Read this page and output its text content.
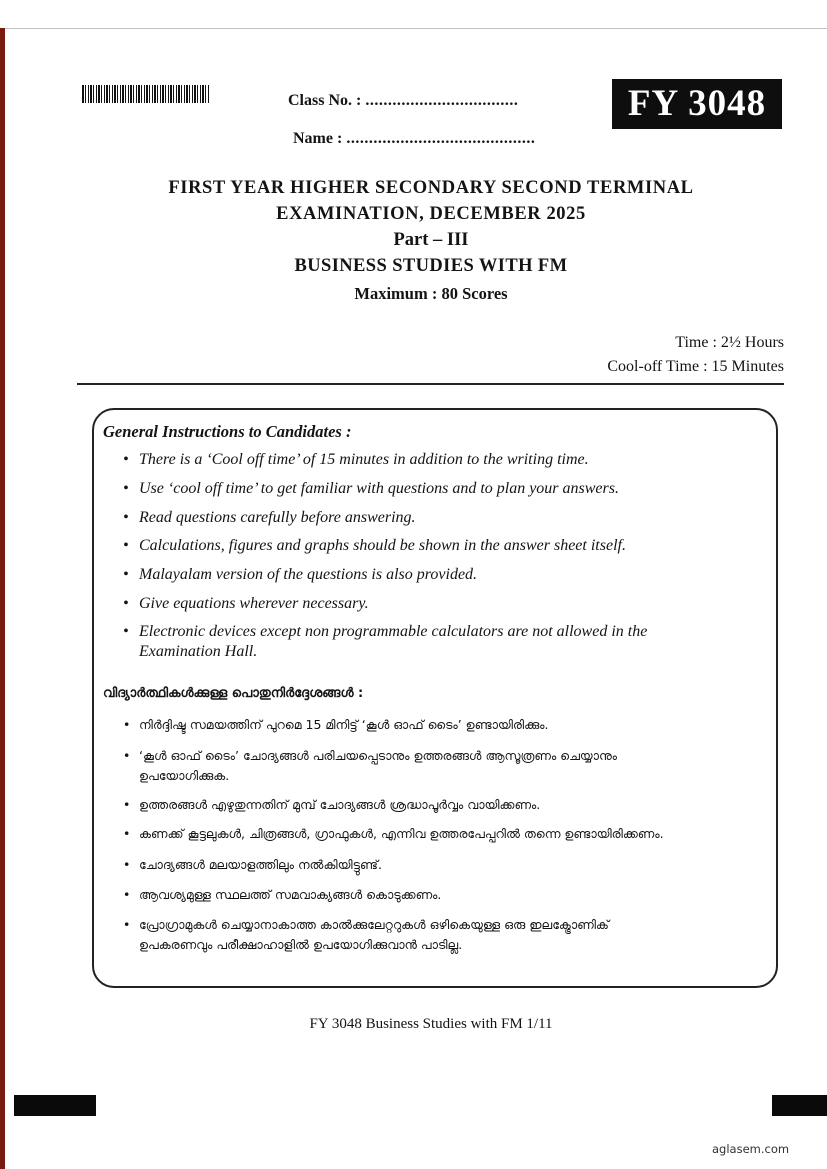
Class No. : ..................................
Name : ..........................................
FY 3048
FIRST YEAR HIGHER SECONDARY SECOND TERMINAL
EXAMINATION, DECEMBER 2025
Part – III
BUSINESS STUDIES WITH FM
Maximum : 80 Scores
Time : 2½ Hours
Cool-off Time : 15 Minutes
General Instructions to Candidates :
• There is a ‘Cool off time’ of 15 minutes in addition to the writing time.
• Use ‘cool off time’ to get familiar with questions and to plan your answers.
• Read questions carefully before answering.
• Calculations, figures and graphs should be shown in the answer sheet itself.
• Malayalam version of the questions is also provided.
• Give equations wherever necessary.
• Electronic devices except non programmable calculators are not allowed in the
Examination Hall.
വിദ്യാർത്ഥികൾക്കുള്ള പൊതുനിർദ്ദേശങ്ങൾ :
• നിർദ്ദിഷ്ട സമയത്തിന് പുറമെ 15 മിനിട്ട് ‘കൂൾ ഓഫ് ടൈം’ ഉണ്ടായിരിക്കും.
• ‘കൂൾ ഓഫ് ടൈം’ ചോദ്യങ്ങൾ പരിചയപ്പെടാനും ഉത്തരങ്ങൾ ആസൂത്രണം ചെയ്യാനും
ഉപയോഗിക്കുക.
• ഉത്തരങ്ങൾ എഴുതുന്നതിന് മുമ്പ് ചോദ്യങ്ങൾ ശ്രദ്ധാപൂർവ്വം വായിക്കണം.
• കണക്ക് കൂട്ടലുകൾ, ചിത്രങ്ങൾ, ഗ്രാഫുകൾ, എന്നിവ ഉത്തരപേപ്പറിൽ തന്നെ ഉണ്ടായിരിക്കണം.
• ചോദ്യങ്ങൾ മലയാളത്തിലും നൽകിയിട്ടുണ്ട്.
• ആവശ്യമുള്ള സ്ഥലത്ത് സമവാക്യങ്ങൾ കൊടുക്കണം.
• പ്രോഗ്രാമുകൾ ചെയ്യാനാകാത്ത കാൽക്കുലേറ്ററുകൾ ഒഴികെയുള്ള ഒരു ഇലക്ട്രോണിക്
ഉപകരണവും പരീക്ഷാഹാളിൽ ഉപയോഗിക്കുവാൻ പാടില്ല.
FY 3048 Business Studies with FM 1/11
aglasem.com
